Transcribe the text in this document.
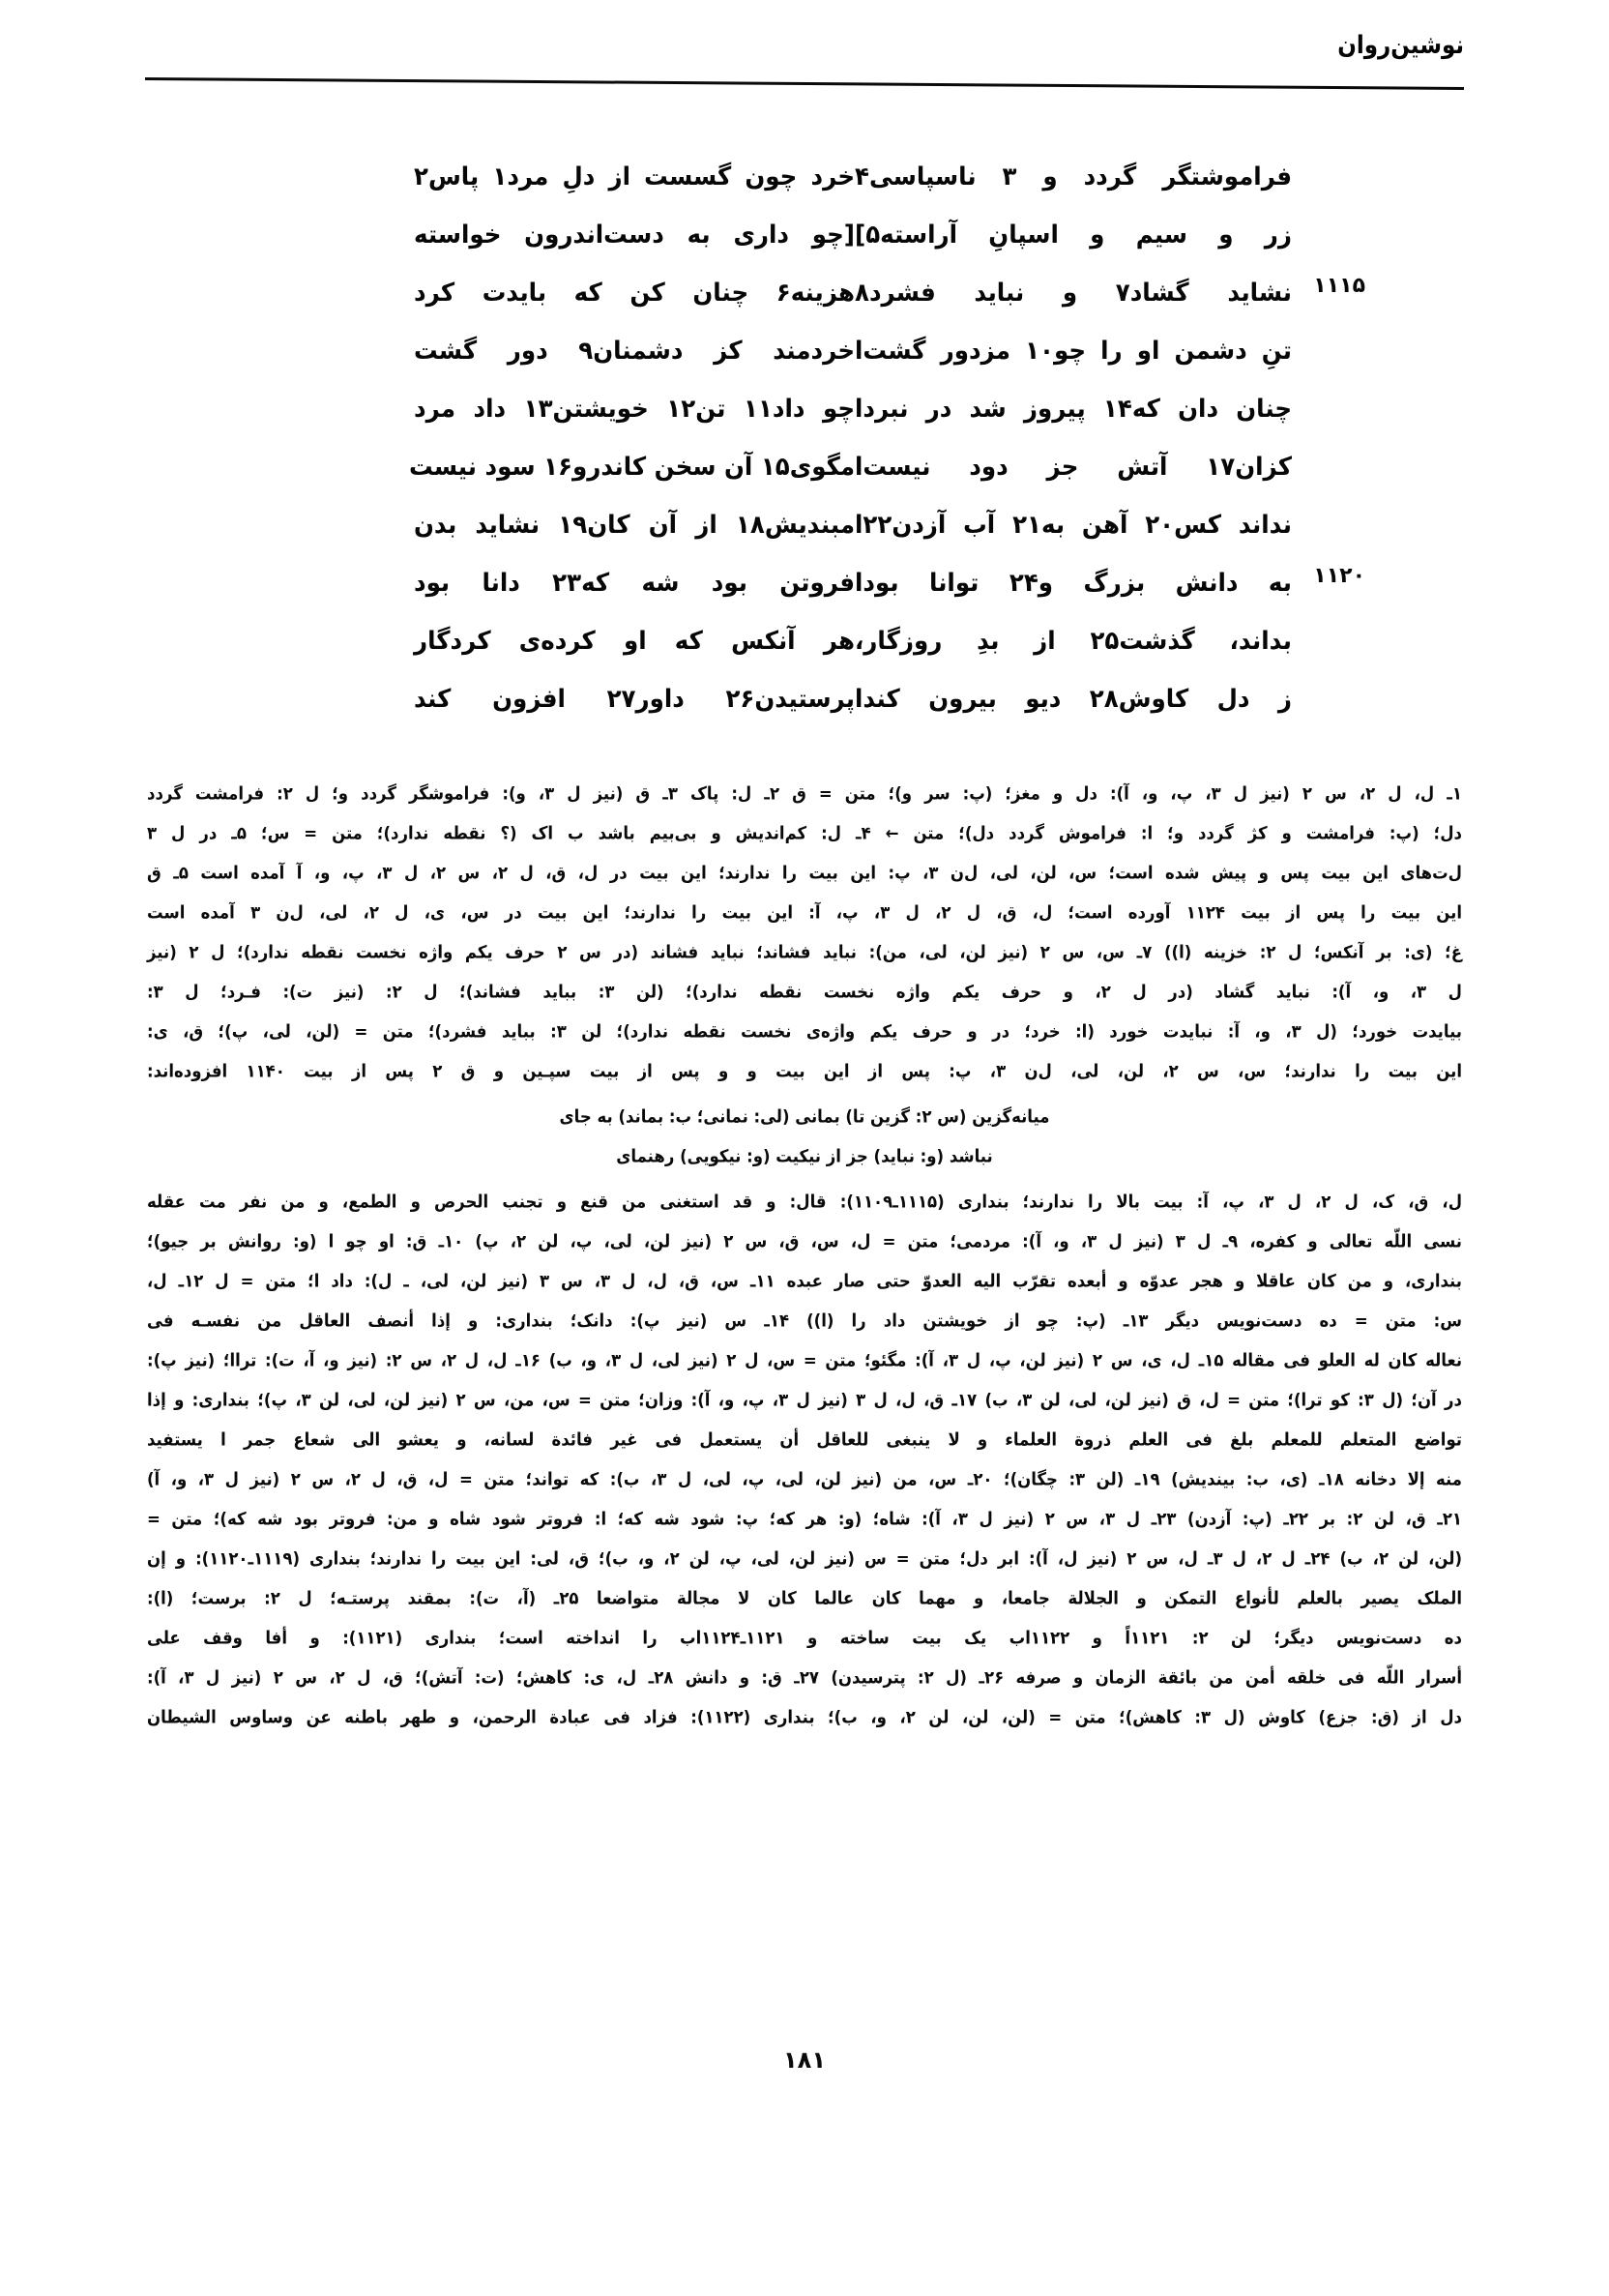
نوشین‌روان
فراموشتگر گردد و ۳ ناسپاسی۴
خرد چون گسست از دلِ مرد۱ پاس۲
زر و سیم و اسپانِ آراسته۵]
[چو داری به دست‌اندرون خواسته
۱۱۱۵
نشاید گشاد۷ و نباید فشرد۸
هزینه۶ چنان کن که بایدت کرد
تنِ دشمن او را چو۱۰ مزدور گشت‌ا
خردمند کز دشمنان۹ دور گشت
چنان دان که۱۴ پیروز شد در نبردا
چو داد۱۱ تن۱۲ خویشتن۱۳ داد مرد
کزان۱۷ آتش جز دود نیست‌ا
مگوی۱۵ آن سخن کاندرو۱۶ سود نیست
نداند کس۲۰ آهن به۲۱ آب آزدن۲۲ا
مبندیش۱۸ از آن کان۱۹ نشاید بدن
۱۱۲۰
به دانش بزرگ و۲۴ توانا بودا
فروتن بود شه که۲۳ دانا بود
بداند، گذشت۲۵ از بدِ روزگار،
هر آنکس که او کرده‌ی کردگار
ز دل کاوش۲۸ دیو بیرون کندا
پرستیدن۲۶ داور۲۷ افزون کند
۱ـ ل، ل ۲، س ۲ (نیز ل ۳، پ، و، آ): دل و مغز؛ (پ: سر و)؛ متن = ق ۲ـ ل: پاک ۳ـ ق (نیز ل ۳، و): فراموشگر گردد و؛ ل ۲: فرامشت گردد
دل؛ (پ: فرامشت و کژ گردد و؛ ا: فراموش گردد دل)؛ متن ← ۴ـ ل: کم‌اندیش و بی‌بیم باشد ب اک (؟ نقطه ندارد)؛ متن = س؛ ۵ـ در ل ۳
ل‌ت‌های این بیت پس و پیش شده است؛ س، لن، لی، ل‌ن ۳، پ: این بیت را ندارند؛ این بیت در ل، ق، ل ۲، س ۲، ل ۳، پ، و، آ آمده است ۵ـ ق
این بیت را پس از بیت ۱۱۲۴ آورده است؛ ل، ق، ل ۲، ل ۳، پ، آ: این بیت را ندارند؛ این بیت در س، ی، ل ۲، لی، ل‌ن ۳ آمده است
غ؛ (ی: بر آنکس؛ ل ۲: خزینه (ا)) ۷ـ س، س ۲ (نیز لن، لی، من): نباید فشاند؛ نباید فشاند (در س ۲ حرف یکم واژه نخست نقطه ندارد)؛ ل ۲ (نیز
ل ۳، و، آ): نباید گشاد (در ل ۲، و حرف یکم واژه نخست نقطه ندارد)؛ (لن ۳: بباید فشاند)؛ ل ۲: (نیز ت): فـرد؛ ل ۳:
بیایدت خورد؛ (ل ۳، و، آ: نبایدت خورد (ا: خرد؛ در و حرف یکم واژه‌ی نخست نقطه ندارد)؛ لن ۳: بباید فشرد)؛ متن = (لن، لی، پ)؛ ق، ی:
این بیت را ندارند؛ س، س ۲، لن، لی، ل‌ن ۳، پ: پس از این بیت و و پس از بیت سپـین و ق ۲ پس از بیت ۱۱۴۰ افزوده‌اند:
میانه‌گزین (س ۲: گزین تا) بمانی (لی: نمانی؛ ب: بماند) به جای
نباشد (و: نباید) جز از نیکیت (و: نیکویی) رهنمای
ل، ق، ک، ل ۲، ل ۳، پ، آ: بیت بالا را ندارند؛ بنداری (۱۱۱۵ـ۱۱۰۹): قال: و قد استغنی من قنع و تجنب الحرص و الطمع، و من نفر مت عقله
نسی اللّه تعالی و کفره، ۹ـ ل ۳ (نیز ل ۳، و، آ): مردمی؛ متن = ل، س، ق، س ۲ (نیز لن، لی، پ، لن ۲، پ) ۱۰ـ ق: او چو ا (و: روانش بر جیو)؛
بنداری، و من کان عاقلا و هجر عدوّه و أبعده تقرّب الیه العدوّ حتی صار عبده ۱۱ـ س، ق، ل، ل ۳، س ۳ (نیز لن، لی، ـ ل): داد ا؛ متن = ل ۱۲ـ ل،
س: متن = ده دست‌نویس دیگر ۱۳ـ (پ: چو از خویشتن داد را (ا)) ۱۴ـ س (نیز پ): دانک؛ بنداری: و إذا أنصف العاقل من نفسـه فی
نعاله کان له العلو فی مقاله ۱۵ـ ل، ی، س ۲ (نیز لن، پ، ل ۳، آ): مگئو؛ متن = س، ل ۲ (نیز لی، ل ۳، و، ب) ۱۶ـ ل، ل ۲، س ۲: (نیز و، آ، ت): تراا؛ (نیز پ):
در آن؛ (ل ۳: کو ترا)؛ متن = ل، ق (نیز لن، لی، لن ۳، ب) ۱۷ـ ق، ل، ل ۳ (نیز ل ۳، پ، و، آ): وزان؛ متن = س، من، س ۲ (نیز لن، لی، لن ۳، پ)؛ بنداری: و إذا
تواضع المتعلم للمعلم بلغ فی العلم ذروة العلماء و لا ینبغی للعاقل أن یستعمل فی غیر فائدة لسانه، و یعشو الی شعاع جمر ا یستفید
منه إلا دخانه ۱۸ـ (ی، ب: بیندیش) ۱۹ـ (لن ۳: چگان)؛ ۲۰ـ س، من (نیز لن، لی، پ، لی، ل ۳، ب): که تواند؛ متن = ل، ق، ل ۲، س ۲ (نیز ل ۳، و، آ)
۲۱ـ ق، لن ۲: بر ۲۲ـ (پ: آزدن) ۲۳ـ ل ۳، س ۲ (نیز ل ۳، آ): شاه؛ (و: هر که؛ پ: شود شه که؛ ا: فروتر شود شاه و من: فروتر بود شه که)؛ متن =
(لن، لن ۲، ب) ۲۴ـ ل ۲، ل ۳ـ ل، س ۲ (نیز ل، آ): ابر دل؛ متن = س (نیز لن، لی، پ، لن ۲، و، ب)؛ ق، لی: این بیت را ندارند؛ بنداری (۱۱۱۹ـ۱۱۲۰): و إن
الملک یصیر بالعلم لأنواع التمکن و الجلالة جامعا، و مهما کان عالما کان لا مجالة متواضعا ۲۵ـ (آ، ت): بمقند پرستـه؛ ل ۲: برست؛ (ا):
ده دست‌نویس دیگر؛ لن ۲: ۱۱۲۱اً و ۱۱۲۲اب یک بیت ساخته و ۱۱۲۱ـ۱۱۲۴اب را انداخته است؛ بنداری (۱۱۲۱): و أفا وقف علی
أسرار اللّه فی خلقه أمن من بائقة الزمان و صرفه ۲۶ـ (ل ۲: پترسیدن) ۲۷ـ ق: و دانش ۲۸ـ ل، ی: کاهش؛ (ت: آتش)؛ ق، ل ۲، س ۲ (نیز ل ۳، آ):
دل از (ق: جزع) کاوش (ل ۳: کاهش)؛ متن = (لن، لن، لن ۲، و، ب)؛ بنداری (۱۱۲۲): فزاد فی عبادة الرحمن، و طهر باطنه عن وساوس الشیطان
۱۸۱
